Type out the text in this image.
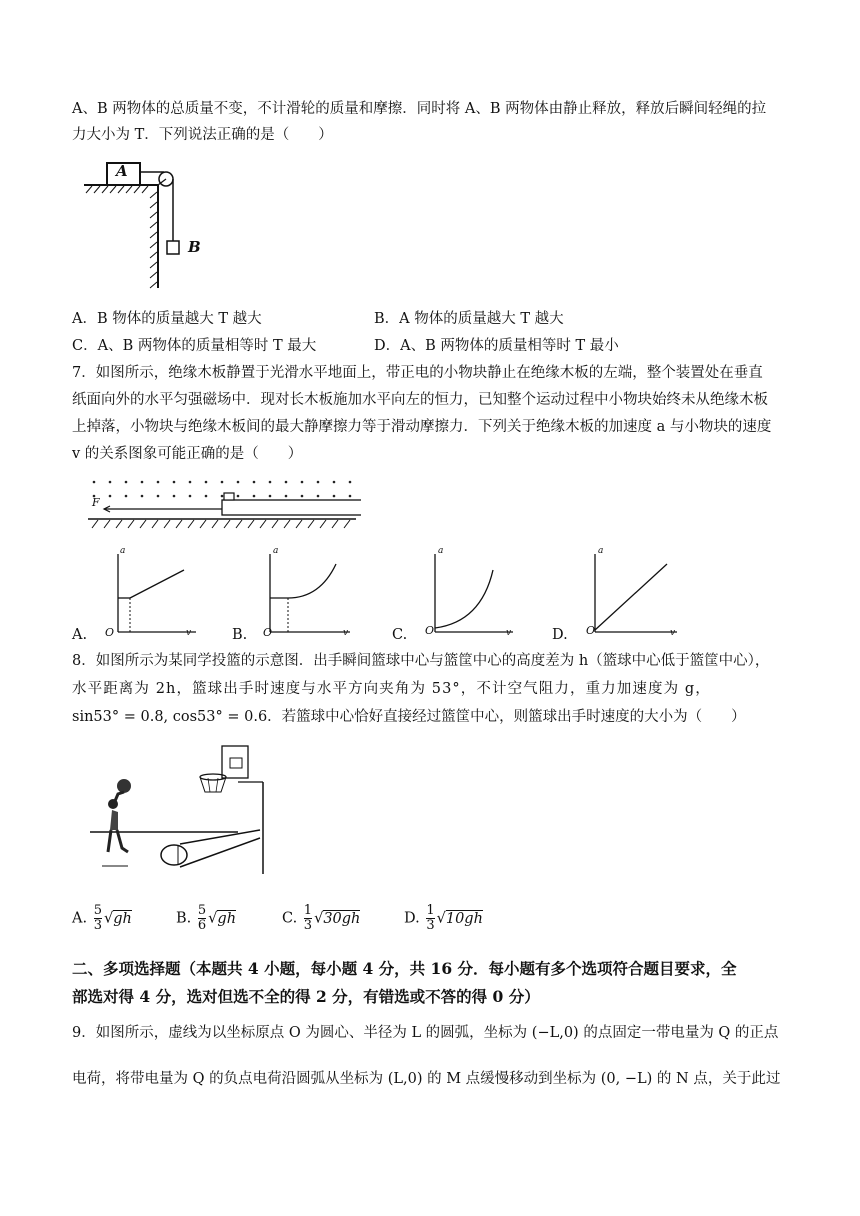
A、B 两物体的总质量不变，不计滑轮的质量和摩擦．同时将 A、B 两物体由静止释放，释放后瞬间轻绳的拉
力大小为 T．下列说法正确的是（　　）
A
B
A．B 物体的质量越大 T 越大	B．A 物体的质量越大 T 越大
C．A、B 两物体的质量相等时 T 最大	D．A、B 两物体的质量相等时 T 最小
7．如图所示，绝缘木板静置于光滑水平地面上，带正电的小物块静止在绝缘木板的左端，整个装置处在垂直
纸面向外的水平匀强磁场中．现对长木板施加水平向左的恒力，已知整个运动过程中小物块始终未从绝缘木板
上掉落，小物块与绝缘木板间的最大静摩擦力等于滑动摩擦力．下列关于绝缘木板的加速度 a 与小物块的速度
v 的关系图象可能正确的是（　　）
F
A.	B.	C.	D.
O	v
a
O	v
a
O	v
a
O	v
a
8．如图所示为某同学投篮的示意图．出手瞬间篮球中心与篮筐中心的高度差为 h（篮球中心低于篮筐中心），
水平距离为 2h，篮球出手时速度与水平方向夹角为 53°，不计空气阻力，重力加速度为 g，
sin53° = 0.8, cos53° = 0.6．若篮球中心恰好直接经过篮筐中心，则篮球出手时速度的大小为（　　）
A. $\frac{5}{3} √gh$	B. $\frac{5}{6} √gh$	C. $\frac{1}{3} √30gh$	D. $\frac{1}{3} √10gh$
二、多项选择题（本题共 4 小题，每小题 4 分，共 16 分．每小题有多个选项符合题目要求，全
部选对得 4 分，选对但选不全的得 2 分，有错选或不答的得 0 分）
9．如图所示，虚线为以坐标原点 O 为圆心、半径为 L 的圆弧，坐标为 (−L,0) 的点固定一带电量为 Q 的正点
电荷，将带电量为 Q 的负点电荷沿圆弧从坐标为 (L,0) 的 M 点缓慢移动到坐标为 (0, −L) 的 N 点，关于此过
